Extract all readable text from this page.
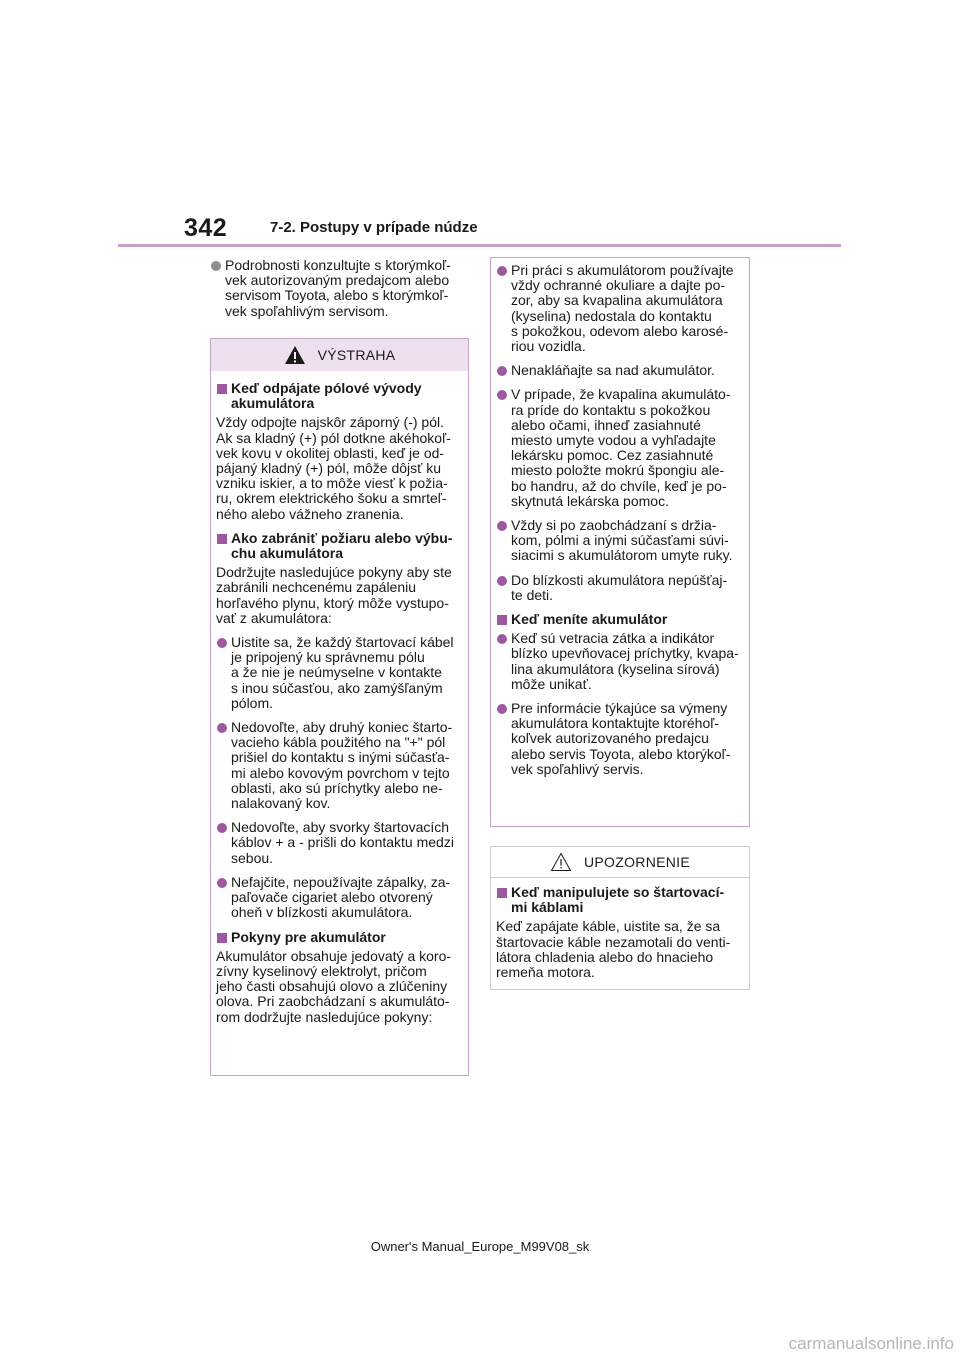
342	7-2. Postupy v prípade núdze
Podrobnosti konzultujte s ktorýmkoľ-
vek autorizovaným predajcom alebo
servisom Toyota, alebo s ktorýmkoľ-
vek spoľahlivým servisom.
VÝSTRAHA
Keď odpájate pólové vývody
akumulátora
Vždy odpojte najskôr záporný (-) pól.
Ak sa kladný (+) pól dotkne akéhokoľ-
vek kovu v okolitej oblasti, keď je od-
pájaný kladný (+) pól, môže dôjsť ku
vzniku iskier, a to môže viesť k požia-
ru, okrem elektrického šoku a smrteľ-
ného alebo vážneho zranenia.
Ako zabrániť požiaru alebo výbu-
chu akumulátora
Dodržujte nasledujúce pokyny aby ste
zabránili nechcenému zapáleniu
horľavého plynu, ktorý môže vystupo-
vať z akumulátora:
Uistite sa, že každý štartovací kábel
je pripojený ku správnemu pólu
a že nie je neúmyselne v kontakte
s inou súčasťou, ako zamýšľaným
pólom.
Nedovoľte, aby druhý koniec štarto-
vacieho kábla použitého na "+" pól
prišiel do kontaktu s inými súčasťa-
mi alebo kovovým povrchom v tejto
oblasti, ako sú príchytky alebo ne-
nalakovaný kov.
Nedovoľte, aby svorky štartovacích
káblov + a - prišli do kontaktu medzi
sebou.
Nefajčite, nepoužívajte zápalky, za-
paľovače cigariet alebo otvorený
oheň v blízkosti akumulátora.
Pokyny pre akumulátor
Akumulátor obsahuje jedovatý a koro-
zívny kyselinový elektrolyt, pričom
jeho časti obsahujú olovo a zlúčeniny
olova. Pri zaobchádzaní s akumuláto-
rom dodržujte nasledujúce pokyny:
Pri práci s akumulátorom používajte
vždy ochranné okuliare a dajte po-
zor, aby sa kvapalina akumulátora
(kyselina) nedostala do kontaktu
s pokožkou, odevom alebo karosé-
riou vozidla.
Nenakláňajte sa nad akumulátor.
V prípade, že kvapalina akumuláto-
ra príde do kontaktu s pokožkou
alebo očami, ihneď zasiahnuté
miesto umyte vodou a vyhľadajte
lekársku pomoc. Cez zasiahnuté
miesto položte mokrú špongiu ale-
bo handru, až do chvíle, keď je po-
skytnutá lekárska pomoc.
Vždy si po zaobchádzaní s držia-
kom, pólmi a inými súčasťami súvi-
siacimi s akumulátorom umyte ruky.
Do blízkosti akumulátora nepúšťaj-
te deti.
Keď meníte akumulátor
Keď sú vetracia zátka a indikátor
blízko upevňovacej príchytky, kvapa-
lina akumulátora (kyselina sírová)
môže unikať.
Pre informácie týkajúce sa výmeny
akumulátora kontaktujte ktoréhoľ-
koľvek autorizovaného predajcu
alebo servis Toyota, alebo ktorýkoľ-
vek spoľahlivý servis.
UPOZORNENIE
Keď manipulujete so štartovací-
mi káblami
Keď zapájate káble, uistite sa, že sa
štartovacie káble nezamotali do venti-
látora chladenia alebo do hnacieho
remeňa motora.
Owner's Manual_Europe_M99V08_sk
carmanualsonline.info
